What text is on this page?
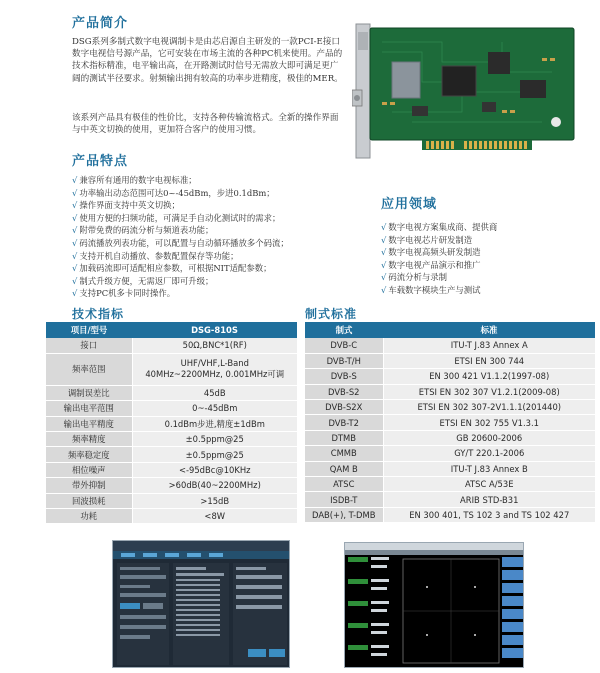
产品简介
产品特点
应用领域
技术指标	制式标准
DSG系列多制式数字电视调制卡是由芯启源自主研发的一款PCI-E接口数字电视信号源产品，它可安装在市场主流的各种PC机来使用。产品的技术指标精准，电平输出高，在开路测试时信号无需放大即可满足更广阔的测试半径要求。射频输出拥有较高的功率步进精度，极佳的MER。
该系列产品具有极佳的性价比，支持各种传输流格式。全新的操作界面与中英文切换的使用，更加符合客户的使用习惯。
√ 兼容所有通用的数字电视标准；
√ 功率输出动态范围可达0~-45dBm，步进0.1dBm；
√ 操作界面支持中英文切换；
√ 使用方便的扫频功能，可满足手自动化测试时的需求；
√ 附带免费的码流分析与频道表功能；
√ 码流播放列表功能，可以配置与自动循环播放多个码流；
√ 支持开机自动播放、参数配置保存等功能；
√ 加载码流即可适配相应参数，可根据NIT适配参数；
√ 制式升级方便，无需返厂即可升级；
√ 支持PC机多卡同时操作。
√ 数字电视方案集成商、提供商
√ 数字电视芯片研发制造
√ 数字电视高频头研发制造
√ 数字电视产品演示和推广
√ 码流分析与录制
√ 车载数字模块生产与测试
项目/型号	DSG-810S
接口	50Ω,BNC*1(RF)
频率范围	UHF/VHF,L-Band
40MHz~2200MHz, 0.001MHz可调
调制误差比	45dB
输出电平范围	0~-45dBm
输出电平精度	0.1dBm步进,精度±1dBm
频率精度	±0.5ppm@25
频率稳定度	±0.5ppm@25
相位噪声	<-95dBc@10KHz
带外抑制	>60dB(40~2200MHz)
回波损耗	>15dB
功耗	<8W
制式	标准
DVB-C	ITU-T J.83 Annex A
DVB-T/H	ETSI EN 300 744
DVB-S	EN 300 421 V1.1.2(1997-08)
DVB-S2	ETSI EN 302 307 V1.2.1(2009-08)
DVB-S2X	ETSI EN 302 307-2V1.1.1(201440)
DVB-T2	ETSI EN 302 755 V1.3.1
DTMB	GB 20600-2006
CMMB	GY/T 220.1-2006
QAM B	ITU-T J.83 Annex B
ATSC	ATSC A/53E
ISDB-T	ARIB STD-B31
DAB(+), T-DMB	EN 300 401, TS 102 3 and TS 102 427
